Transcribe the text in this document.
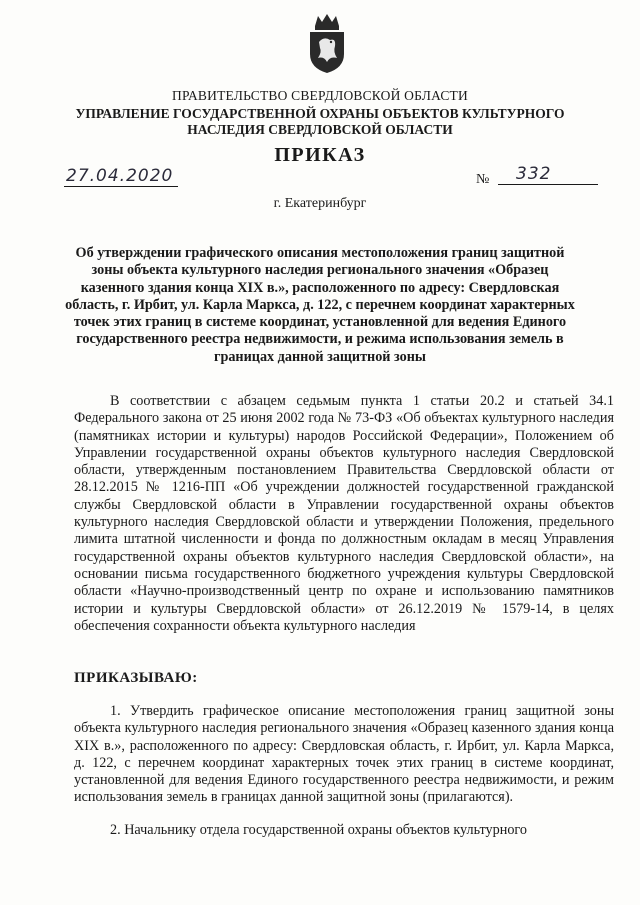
ПРАВИТЕЛЬСТВО СВЕРДЛОВСКОЙ ОБЛАСТИ
УПРАВЛЕНИЕ ГОСУДАРСТВЕННОЙ ОХРАНЫ ОБЪЕКТОВ КУЛЬТУРНОГО НАСЛЕДИЯ СВЕРДЛОВСКОЙ ОБЛАСТИ
ПРИКАЗ
27.04.2020	№	332
г. Екатеринбург
Об утверждении графического описания местоположения границ защитной зоны объекта культурного наследия регионального значения «Образец казенного здания конца XIX в.», расположенного по адресу: Свердловская область, г. Ирбит, ул. Карла Маркса, д. 122, с перечнем координат характерных точек этих границ в системе координат, установленной для ведения Единого государственного реестра недвижимости, и режима использования земель в границах данной защитной зоны
В соответствии с абзацем седьмым пункта 1 статьи 20.2 и статьей 34.1 Федерального закона от 25 июня 2002 года № 73-ФЗ «Об объектах культурного наследия (памятниках истории и культуры) народов Российской Федерации», Положением об Управлении государственной охраны объектов культурного наследия Свердловской области, утвержденным постановлением Правительства Свердловской области от 28.12.2015 № 1216-ПП «Об учреждении должностей государственной гражданской службы Свердловской области в Управлении государственной охраны объектов культурного наследия Свердловской области и утверждении Положения, предельного лимита штатной численности и фонда по должностным окладам в месяц Управления государственной охраны объектов культурного наследия Свердловской области», на основании письма государственного бюджетного учреждения культуры Свердловской области «Научно-производственный центр по охране и использованию памятников истории и культуры Свердловской области» от 26.12.2019 № 1579-14, в целях обеспечения сохранности объекта культурного наследия
ПРИКАЗЫВАЮ:
1. Утвердить графическое описание местоположения границ защитной зоны объекта культурного наследия регионального значения «Образец казенного здания конца XIX в.», расположенного по адресу: Свердловская область, г. Ирбит, ул. Карла Маркса, д. 122, с перечнем координат характерных точек этих границ в системе координат, установленной для ведения Единого государственного реестра недвижимости, и режим использования земель в границах данной защитной зоны (прилагаются).
2. Начальнику отдела государственной охраны объектов культурного
